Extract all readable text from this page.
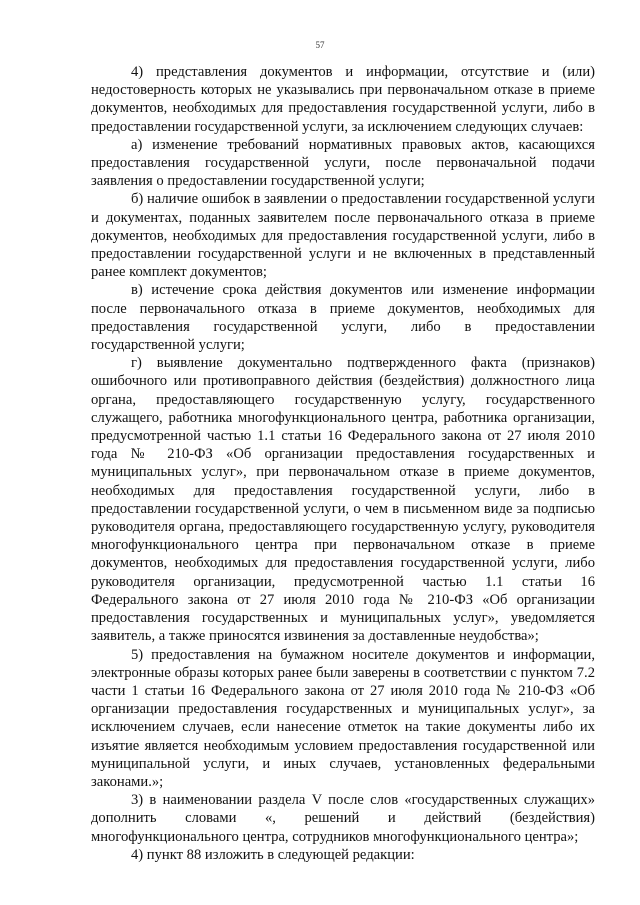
57

4) представления документов и информации, отсутствие и (или) недостоверность которых не указывались при первоначальном отказе в приеме документов, необходимых для предоставления государственной услуги, либо в предоставлении государственной услуги, за исключением следующих случаев:

а) изменение требований нормативных правовых актов, касающихся предоставления государственной услуги, после первоначальной подачи заявления о предоставлении государственной услуги;

б) наличие ошибок в заявлении о предоставлении государственной услуги и документах, поданных заявителем после первоначального отказа в приеме документов, необходимых для предоставления государственной услуги, либо в предоставлении государственной услуги и не включенных в представленный ранее комплект документов;

в) истечение срока действия документов или изменение информации после первоначального отказа в приеме документов, необходимых для предоставления государственной услуги, либо в предоставлении государственной услуги;

г) выявление документально подтвержденного факта (признаков) ошибочного или противоправного действия (бездействия) должностного лица органа, предоставляющего государственную услугу, государственного служащего, работника многофункционального центра, работника организации, предусмотренной частью 1.1 статьи 16 Федерального закона от 27 июля 2010 года № 210-ФЗ «Об организации предоставления государственных и муниципальных услуг», при первоначальном отказе в приеме документов, необходимых для предоставления государственной услуги, либо в предоставлении государственной услуги, о чем в письменном виде за подписью руководителя органа, предоставляющего государственную услугу, руководителя многофункционального центра при первоначальном отказе в приеме документов, необходимых для предоставления государственной услуги, либо руководителя организации, предусмотренной частью 1.1 статьи 16 Федерального закона от 27 июля 2010 года № 210-ФЗ «Об организации предоставления государственных и муниципальных услуг», уведомляется заявитель, а также приносятся извинения за доставленные неудобства»;

5) предоставления на бумажном носителе документов и информации, электронные образы которых ранее были заверены в соответствии с пунктом 7.2 части 1 статьи 16 Федерального закона от 27 июля 2010 года № 210-ФЗ «Об организации предоставления государственных и муниципальных услуг», за исключением случаев, если нанесение отметок на такие документы либо их изъятие является необходимым условием предоставления государственной или муниципальной услуги, и иных случаев, установленных федеральными законами.»;

3) в наименовании раздела V после слов «государственных служащих» дополнить словами «, решений и действий (бездействия) многофункционального центра, сотрудников многофункционального центра»;

4) пункт 88 изложить в следующей редакции:
